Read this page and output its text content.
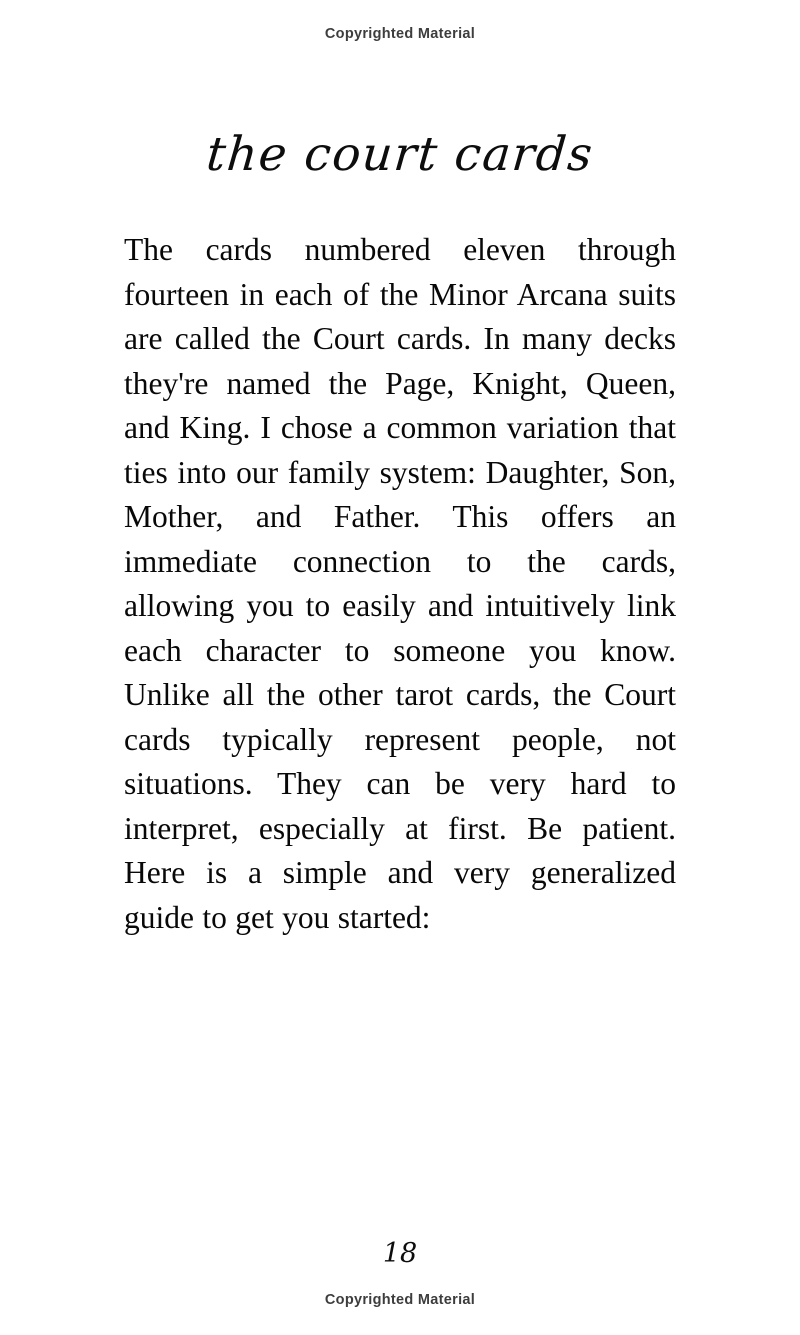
Copyrighted Material
the court cards

The cards numbered eleven through fourteen in each of the Minor Arcana suits are called the Court cards. In many decks they're named the Page, Knight, Queen, and King. I chose a common variation that ties into our family system: Daughter, Son, Mother, and Father. This offers an immediate connection to the cards, allowing you to easily and intuitively link each character to someone you know. Unlike all the other tarot cards, the Court cards typically represent people, not situations. They can be very hard to interpret, especially at first. Be patient. Here is a simple and very generalized guide to get you started:

18
Copyrighted Material
